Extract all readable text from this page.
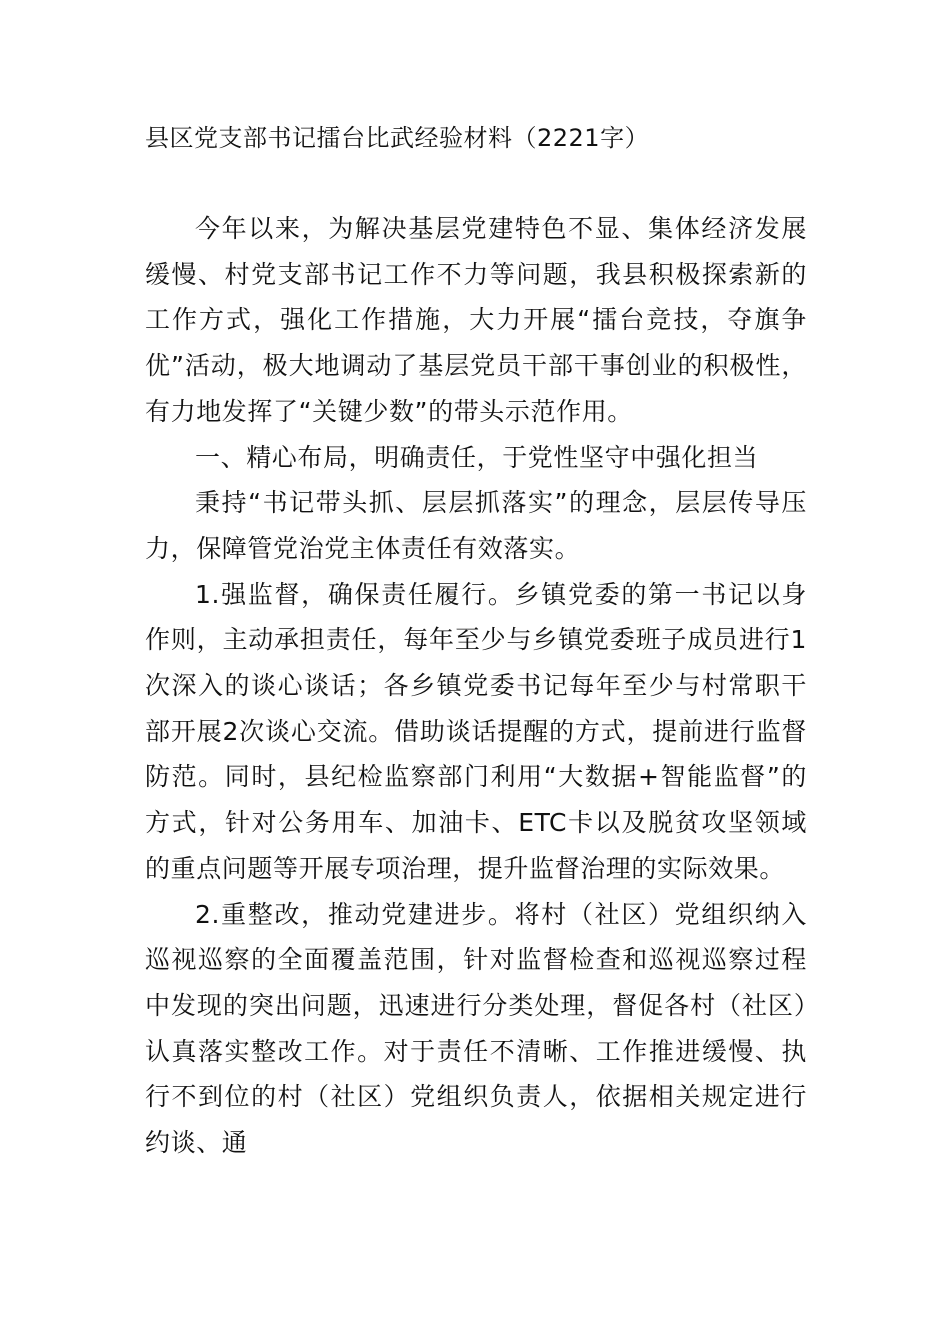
县区党支部书记擂台比武经验材料（2221字）

今年以来，为解决基层党建特色不显、集体经济发展缓慢、村党支部书记工作不力等问题，我县积极探索新的工作方式，强化工作措施，大力开展“擂台竞技，夺旗争优”活动，极大地调动了基层党员干部干事创业的积极性，有力地发挥了“关键少数”的带头示范作用。

一、精心布局，明确责任，于党性坚守中强化担当

秉持“书记带头抓、层层抓落实”的理念，层层传导压力，保障管党治党主体责任有效落实。

1.强监督，确保责任履行。乡镇党委的第一书记以身作则，主动承担责任，每年至少与乡镇党委班子成员进行1次深入的谈心谈话；各乡镇党委书记每年至少与村常职干部开展2次谈心交流。借助谈话提醒的方式，提前进行监督防范。同时，县纪检监察部门利用“大数据+智能监督”的方式，针对公务用车、加油卡、ETC卡以及脱贫攻坚领域的重点问题等开展专项治理，提升监督治理的实际效果。

2.重整改，推动党建进步。将村（社区）党组织纳入巡视巡察的全面覆盖范围，针对监督检查和巡视巡察过程中发现的突出问题，迅速进行分类处理，督促各村（社区）认真落实整改工作。对于责任不清晰、工作推进缓慢、执行不到位的村（社区）党组织负责人，依据相关规定进行约谈、通
